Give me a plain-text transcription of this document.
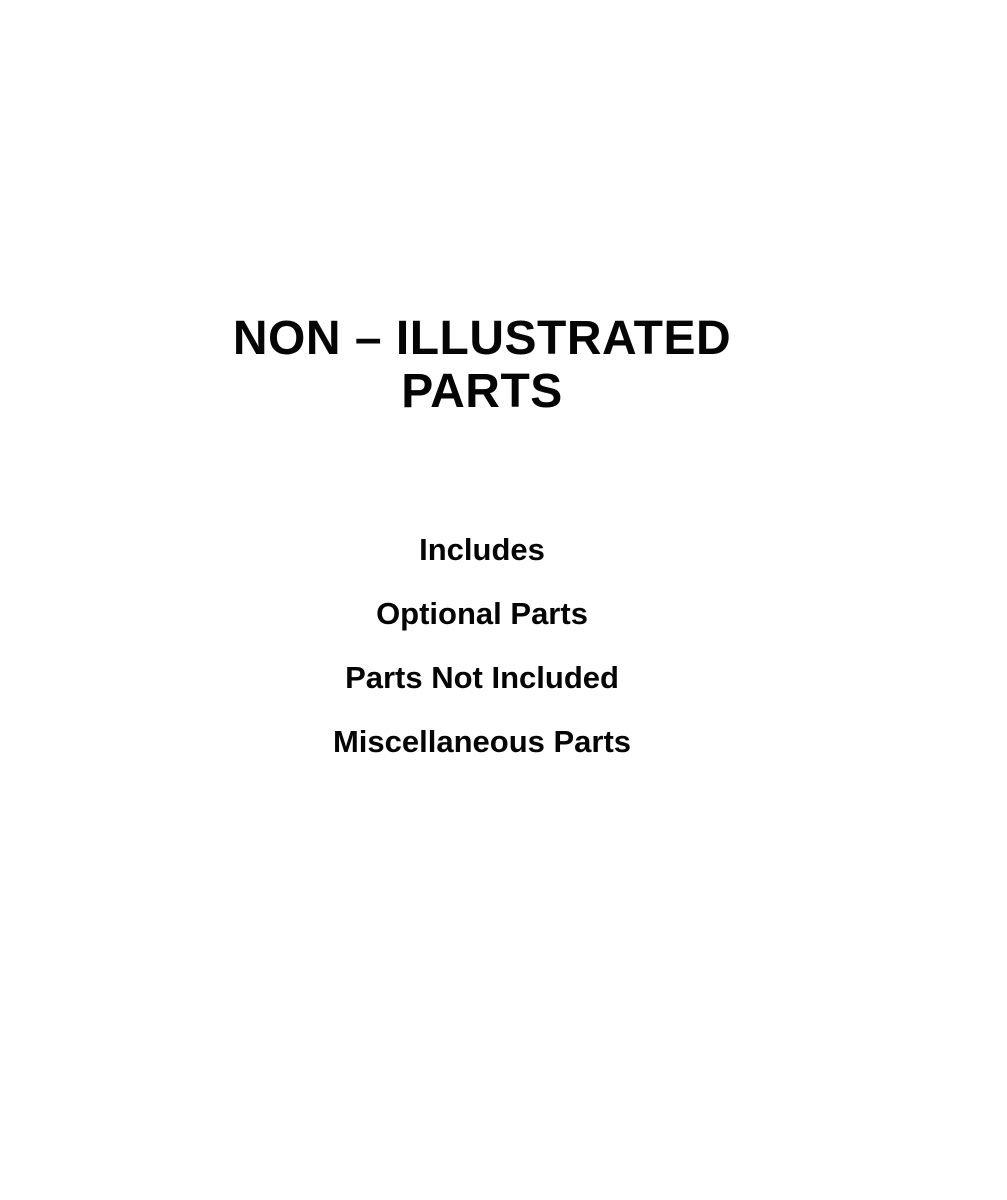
NON – ILLUSTRATED
PARTS
Includes
Optional Parts
Parts Not Included
Miscellaneous Parts
